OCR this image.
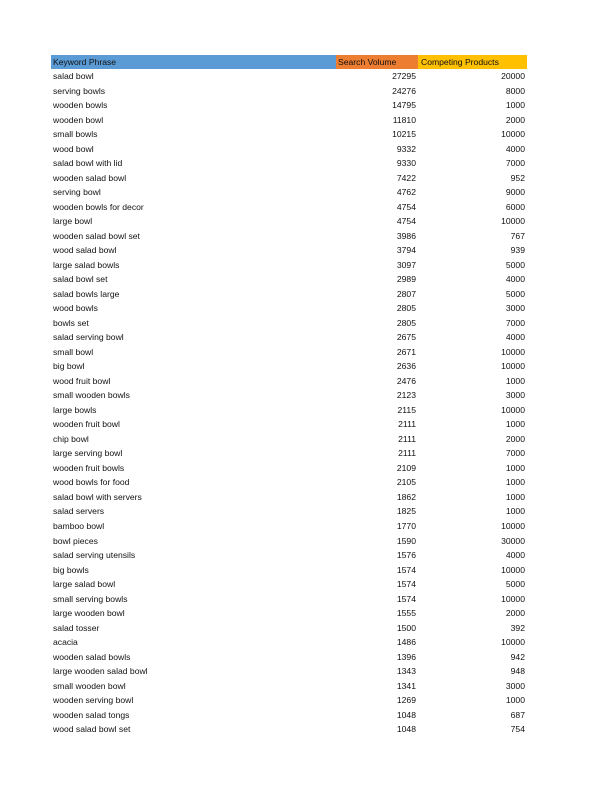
Keyword Phrase	Search Volume	Competing Products
salad bowl	27295	20000
serving bowls	24276	8000
wooden bowls	14795	1000
wooden bowl	11810	2000
small bowls	10215	10000
wood bowl	9332	4000
salad bowl with lid	9330	7000
wooden salad bowl	7422	952
serving bowl	4762	9000
wooden bowls for decor	4754	6000
large bowl	4754	10000
wooden salad bowl set	3986	767
wood salad bowl	3794	939
large salad bowls	3097	5000
salad bowl set	2989	4000
salad bowls large	2807	5000
wood bowls	2805	3000
bowls set	2805	7000
salad serving bowl	2675	4000
small bowl	2671	10000
big bowl	2636	10000
wood fruit bowl	2476	1000
small wooden bowls	2123	3000
large bowls	2115	10000
wooden fruit bowl	2111	1000
chip bowl	2111	2000
large serving bowl	2111	7000
wooden fruit bowls	2109	1000
wood bowls for food	2105	1000
salad bowl with servers	1862	1000
salad servers	1825	1000
bamboo bowl	1770	10000
bowl pieces	1590	30000
salad serving utensils	1576	4000
big bowls	1574	10000
large salad bowl	1574	5000
small serving bowls	1574	10000
large wooden bowl	1555	2000
salad tosser	1500	392
acacia	1486	10000
wooden salad bowls	1396	942
large wooden salad bowl	1343	948
small wooden bowl	1341	3000
wooden serving bowl	1269	1000
wooden salad tongs	1048	687
wood salad bowl set	1048	754
